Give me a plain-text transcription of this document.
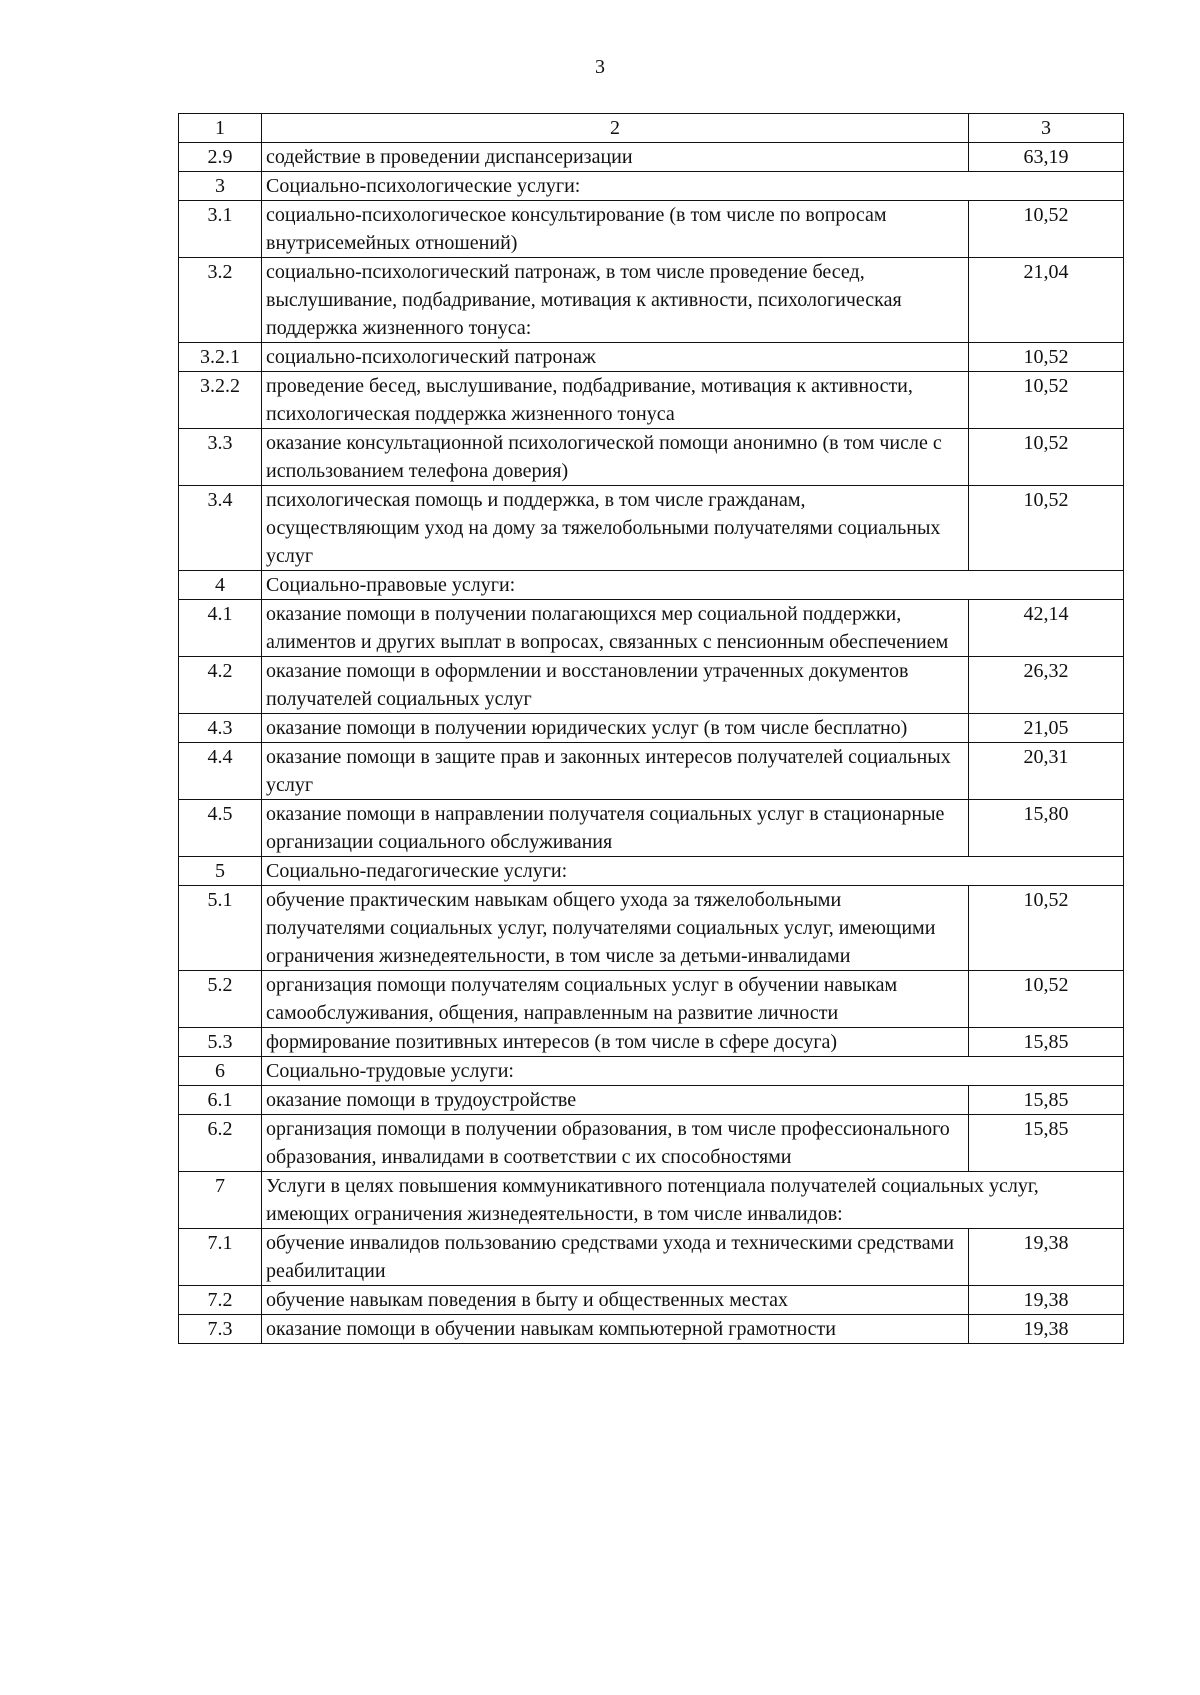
3
1	2	3
2.9	содействие в проведении диспансеризации	63,19
3	Социально-психологические услуги:	
3.1	социально-психологическое консультирование (в том числе по вопросам внутрисемейных отношений)	10,52
3.2	социально-психологический патронаж, в том числе проведение бесед, выслушивание, подбадривание, мотивация к активности, психологическая поддержка жизненного тонуса:	21,04
3.2.1	социально-психологический патронаж	10,52
3.2.2	проведение бесед, выслушивание, подбадривание, мотивация к активности, психологическая поддержка жизненного тонуса	10,52
3.3	оказание консультационной психологической помощи анонимно (в том числе с использованием телефона доверия)	10,52
3.4	психологическая помощь и поддержка, в том числе гражданам, осуществляющим уход на дому за тяжелобольными получателями социальных услуг	10,52
4	Социально-правовые услуги:	
4.1	оказание помощи в получении полагающихся мер социальной поддержки, алиментов и других выплат в вопросах, связанных с пенсионным обеспечением	42,14
4.2	оказание помощи в оформлении и восстановлении утраченных документов получателей социальных услуг	26,32
4.3	оказание помощи в получении юридических услуг (в том числе бесплатно)	21,05
4.4	оказание помощи в защите прав и законных интересов получателей социальных услуг	20,31
4.5	оказание помощи в направлении получателя социальных услуг в стационарные организации социального обслуживания	15,80
5	Социально-педагогические услуги:	
5.1	обучение практическим навыкам общего ухода за тяжелобольными получателями социальных услуг, получателями социальных услуг, имеющими ограничения жизнедеятельности, в том числе за детьми-инвалидами	10,52
5.2	организация помощи получателям социальных услуг в обучении навыкам самообслуживания, общения, направленным на развитие личности	10,52
5.3	формирование позитивных интересов (в том числе в сфере досуга)	15,85
6	Социально-трудовые услуги:	
6.1	оказание помощи в трудоустройстве	15,85
6.2	организация помощи в получении образования, в том числе профессионального образования, инвалидами в соответствии с их способностями	15,85
7	Услуги в целях повышения коммуникативного потенциала получателей социальных услуг, имеющих ограничения жизнедеятельности, в том числе инвалидов:	
7.1	обучение инвалидов пользованию средствами ухода и техническими средствами реабилитации	19,38
7.2	обучение навыкам поведения в быту и общественных местах	19,38
7.3	оказание помощи в обучении навыкам компьютерной грамотности	19,38
